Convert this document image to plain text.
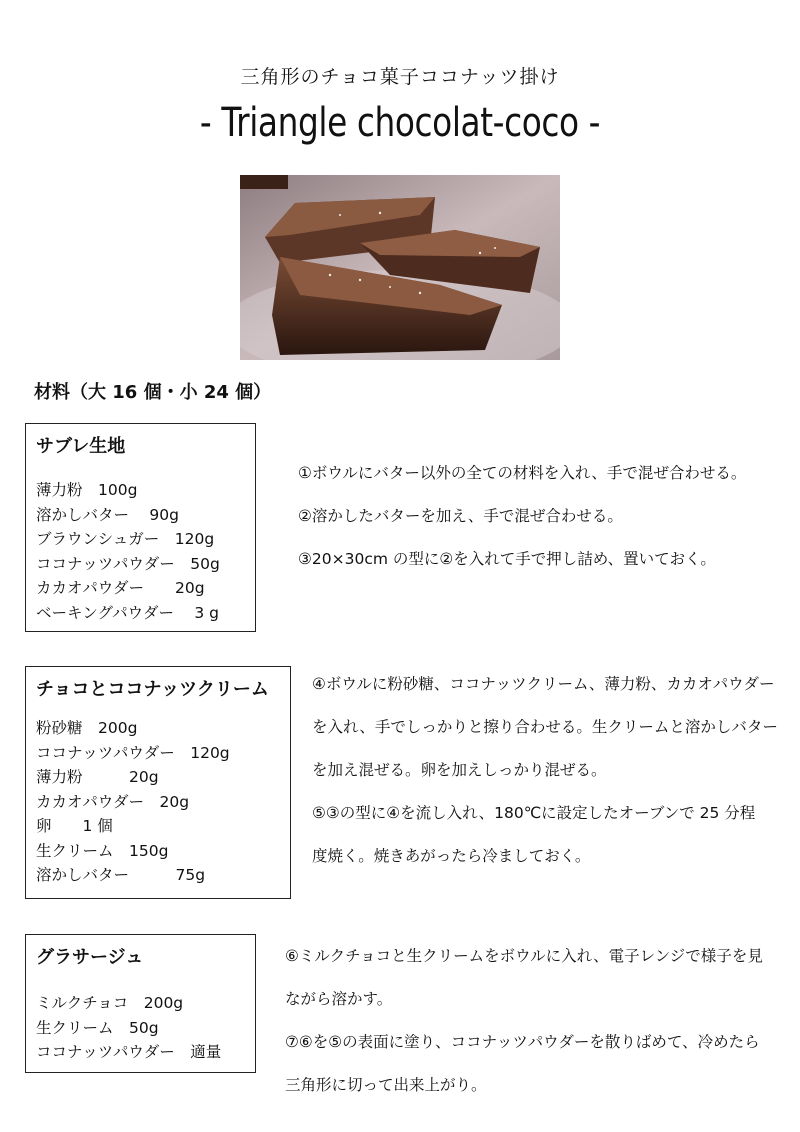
三角形のチョコ菓子ココナッツ掛け
- Triangle chocolat-coco -
材料（大 16 個・小 24 個）
サブレ生地
薄力粉　100g
溶かしバター　 90g
ブラウンシュガー　120g
ココナッツパウダー　50g
カカオパウダー　　20g
ベーキングパウダー　 3 g
①ボウルにバター以外の全ての材料を入れ、手で混ぜ合わせる。
②溶かしたバターを加え、手で混ぜ合わせる。
③20×30cm の型に②を入れて手で押し詰め、置いておく。
チョコとココナッツクリーム
粉砂糖　200g
ココナッツパウダー　120g
薄力粉　　　20g
カカオパウダー　20g
卵　　1 個
生クリーム　150g
溶かしバター　　　75g
④ボウルに粉砂糖、ココナッツクリーム、薄力粉、カカオパウダー
を入れ、手でしっかりと擦り合わせる。生クリームと溶かしバター
を加え混ぜる。卵を加えしっかり混ぜる。
⑤③の型に④を流し入れ、180℃に設定したオーブンで 25 分程
度焼く。焼きあがったら冷ましておく。
グラサージュ
ミルクチョコ　200g
生クリーム　50g
ココナッツパウダー　適量
⑥ミルクチョコと生クリームをボウルに入れ、電子レンジで様子を見
ながら溶かす。
⑦⑥を⑤の表面に塗り、ココナッツパウダーを散りばめて、冷めたら
三角形に切って出来上がり。
